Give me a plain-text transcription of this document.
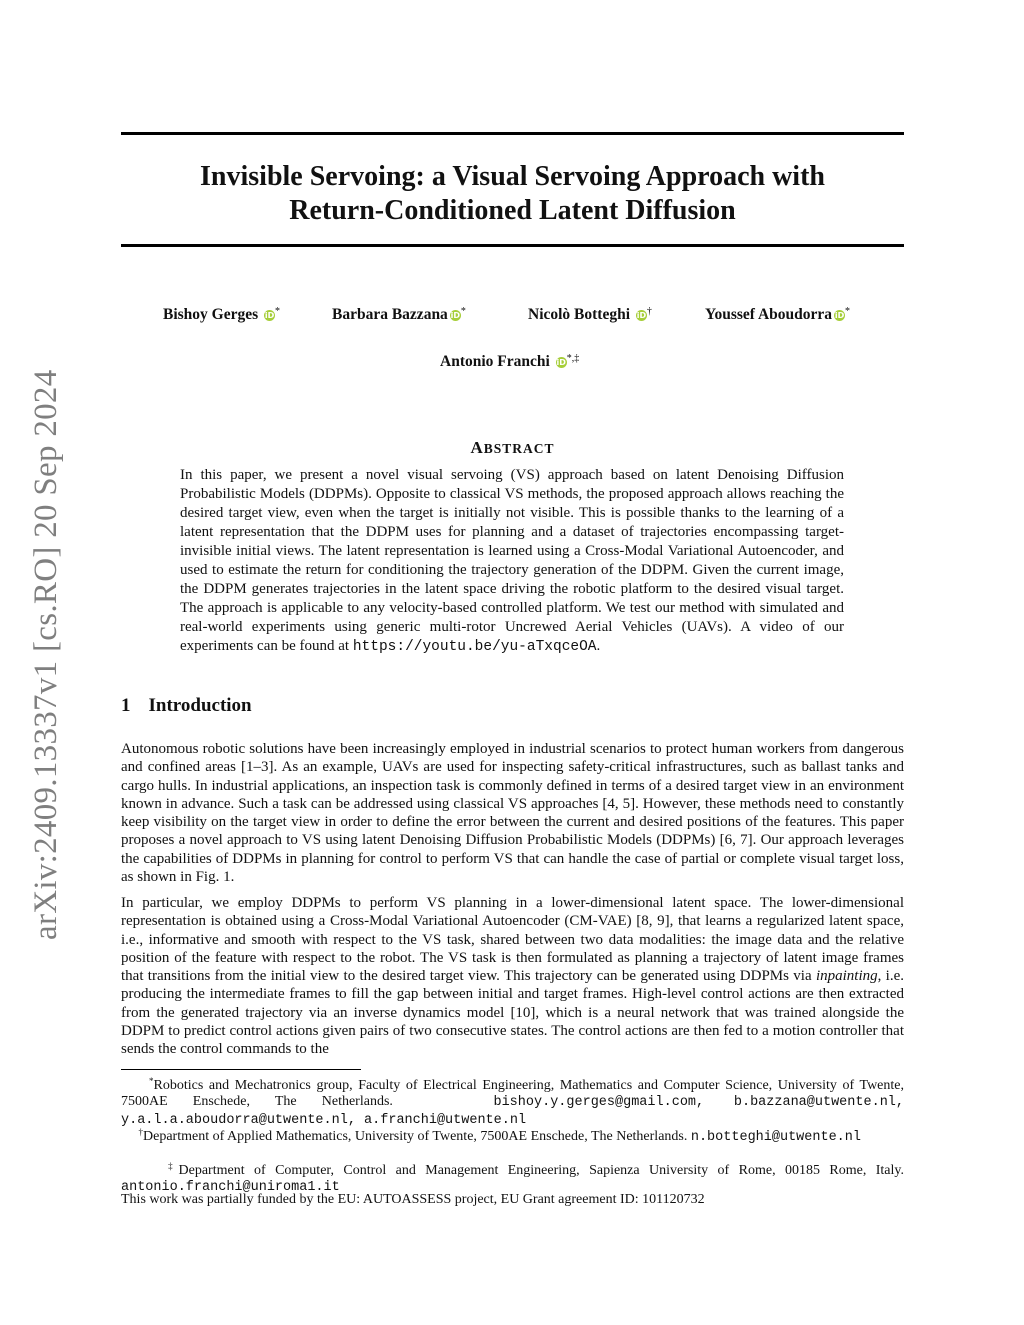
arXiv:2409.13337v1 [cs.RO] 20 Sep 2024
Invisible Servoing: a Visual Servoing Approach with
Return-Conditioned Latent Diffusion
Bishoy Gerges iD*	Barbara Bazzana iD*	Nicolò Botteghi iD†	Youssef Aboudorra iD*
Antonio Franchi iD*,‡
ABSTRACT
In this paper, we present a novel visual servoing (VS) approach based on latent Denoising Diffusion Probabilistic Models (DDPMs). Opposite to classical VS methods, the proposed approach allows reaching the desired target view, even when the target is initially not visible. This is possible thanks to the learning of a latent representation that the DDPM uses for planning and a dataset of trajectories encompassing target-invisible initial views. The latent representation is learned using a Cross-Modal Variational Autoencoder, and used to estimate the return for conditioning the trajectory generation of the DDPM. Given the current image, the DDPM generates trajectories in the latent space driving the robotic platform to the desired visual target. The approach is applicable to any velocity-based controlled platform. We test our method with simulated and real-world experiments using generic multi-rotor Uncrewed Aerial Vehicles (UAVs). A video of our experiments can be found at https://youtu.be/yu-aTxqceOA.
1 Introduction
Autonomous robotic solutions have been increasingly employed in industrial scenarios to protect human workers from dangerous and confined areas [1–3]. As an example, UAVs are used for inspecting safety-critical infrastructures, such as ballast tanks and cargo hulls. In industrial applications, an inspection task is commonly defined in terms of a desired target view in an environment known in advance. Such a task can be addressed using classical VS approaches [4, 5]. However, these methods need to constantly keep visibility on the target view in order to define the error between the current and desired positions of the features. This paper proposes a novel approach to VS using latent Denoising Diffusion Probabilistic Models (DDPMs) [6, 7]. Our approach leverages the capabilities of DDPMs in planning for control to perform VS that can handle the case of partial or complete visual target loss, as shown in Fig. 1.
In particular, we employ DDPMs to perform VS planning in a lower-dimensional latent space. The lower-dimensional representation is obtained using a Cross-Modal Variational Autoencoder (CM-VAE) [8, 9], that learns a regularized latent space, i.e., informative and smooth with respect to the VS task, shared between two data modalities: the image data and the relative position of the feature with respect to the robot. The VS task is then formulated as planning a trajectory of latent image frames that transitions from the initial view to the desired target view. This trajectory can be generated using DDPMs via inpainting, i.e. producing the intermediate frames to fill the gap between initial and target frames. High-level control actions are then extracted from the generated trajectory via an inverse dynamics model [10], which is a neural network that was trained alongside the DDPM to predict control actions given pairs of two consecutive states. The control actions are then fed to a motion controller that sends the control commands to the
*Robotics and Mechatronics group, Faculty of Electrical Engineering, Mathematics and Computer Science, University of Twente, 7500AE Enschede, The Netherlands.	bishoy.y.gerges@gmail.com, b.bazzana@utwente.nl, y.a.l.a.aboudorra@utwente.nl, a.franchi@utwente.nl
†Department of Applied Mathematics, University of Twente, 7500AE Enschede, The Netherlands. n.botteghi@utwente.nl
‡Department of Computer, Control and Management Engineering, Sapienza University of Rome, 00185 Rome, Italy. antonio.franchi@uniroma1.it
This work was partially funded by the EU: AUTOASSESS project, EU Grant agreement ID: 101120732
